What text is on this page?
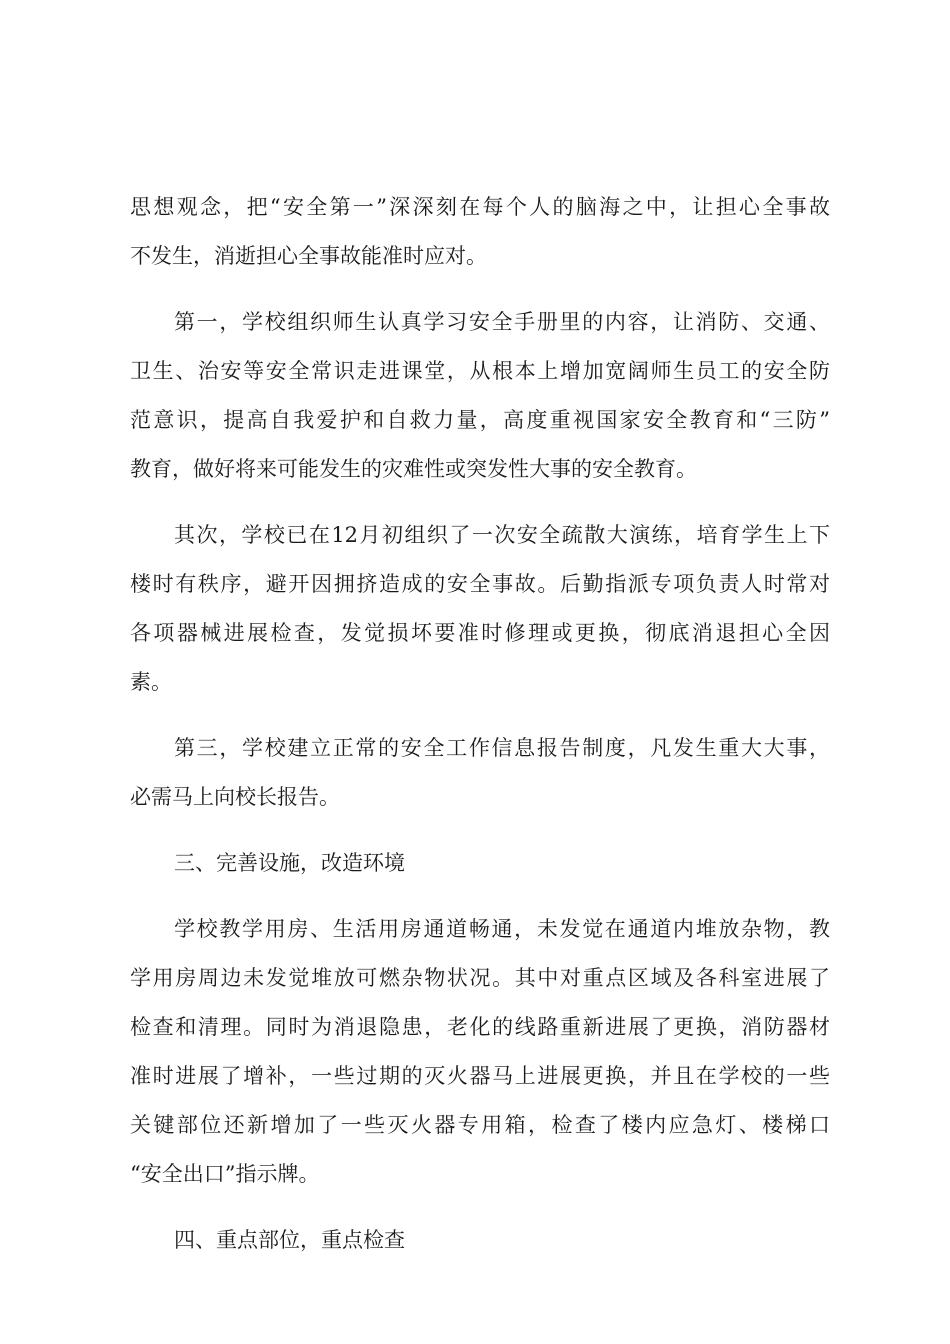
思想观念，把“安全第一”深深刻在每个人的脑海之中，让担心全事故
不发生，消逝担心全事故能准时应对。
第一，学校组织师生认真学习安全手册里的内容，让消防、交通、
卫生、治安等安全常识走进课堂，从根本上增加宽阔师生员工的安全防
范意识，提高自我爱护和自救力量，高度重视国家安全教育和“三防”
教育，做好将来可能发生的灾难性或突发性大事的安全教育。
其次，学校已在12月初组织了一次安全疏散大演练，培育学生上下
楼时有秩序，避开因拥挤造成的安全事故。后勤指派专项负责人时常对
各项器械进展检查，发觉损坏要准时修理或更换，彻底消退担心全因
素。
第三，学校建立正常的安全工作信息报告制度，凡发生重大大事，
必需马上向校长报告。
三、完善设施，改造环境
学校教学用房、生活用房通道畅通，未发觉在通道内堆放杂物，教
学用房周边未发觉堆放可燃杂物状况。其中对重点区域及各科室进展了
检查和清理。同时为消退隐患，老化的线路重新进展了更换，消防器材
准时进展了增补，一些过期的灭火器马上进展更换，并且在学校的一些
关键部位还新增加了一些灭火器专用箱，检查了楼内应急灯、楼梯口
“安全出口”指示牌。
四、重点部位，重点检查
